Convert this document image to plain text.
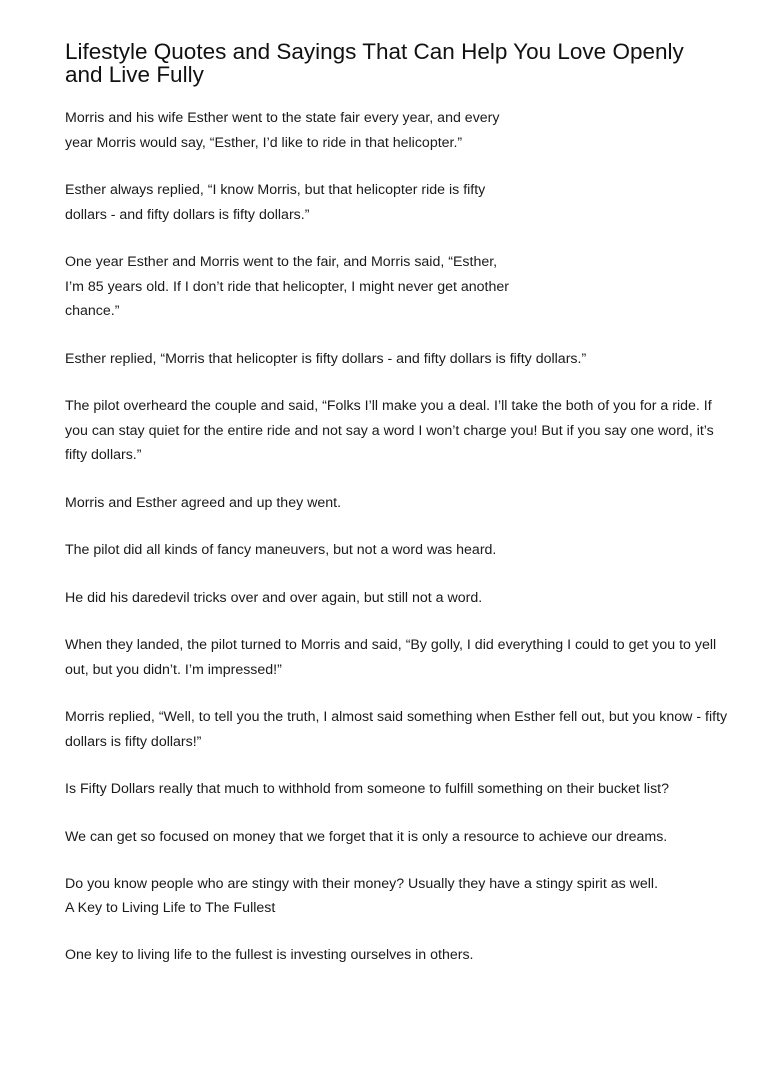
Lifestyle Quotes and Sayings That Can Help You Love Openly and Live Fully

Morris and his wife Esther went to the state fair every year, and every year Morris would say, “Esther, I’d like to ride in that helicopter.”

Esther always replied, “I know Morris, but that helicopter ride is fifty dollars - and fifty dollars is fifty dollars.”

One year Esther and Morris went to the fair, and Morris said, “Esther, I’m 85 years old. If I don’t ride that helicopter, I might never get another chance.”

Esther replied, “Morris that helicopter is fifty dollars - and fifty dollars is fifty dollars.”

The pilot overheard the couple and said, “Folks I’ll make you a deal. I’ll take the both of you for a ride. If you can stay quiet for the entire ride and not say a word I won’t charge you! But if you say one word, it’s fifty dollars.”

Morris and Esther agreed and up they went.

The pilot did all kinds of fancy maneuvers, but not a word was heard.

He did his daredevil tricks over and over again, but still not a word.

When they landed, the pilot turned to Morris and said, “By golly, I did everything I could to get you to yell out, but you didn’t. I’m impressed!”

Morris replied, “Well, to tell you the truth, I almost said something when Esther fell out, but you know - fifty dollars is fifty dollars!”

Is Fifty Dollars really that much to withhold from someone to fulfill something on their bucket list?

We can get so focused on money that we forget that it is only a resource to achieve our dreams.

Do you know people who are stingy with their money? Usually they have a stingy spirit as well.

A Key to Living Life to The Fullest

One key to living life to the fullest is investing ourselves in others.
